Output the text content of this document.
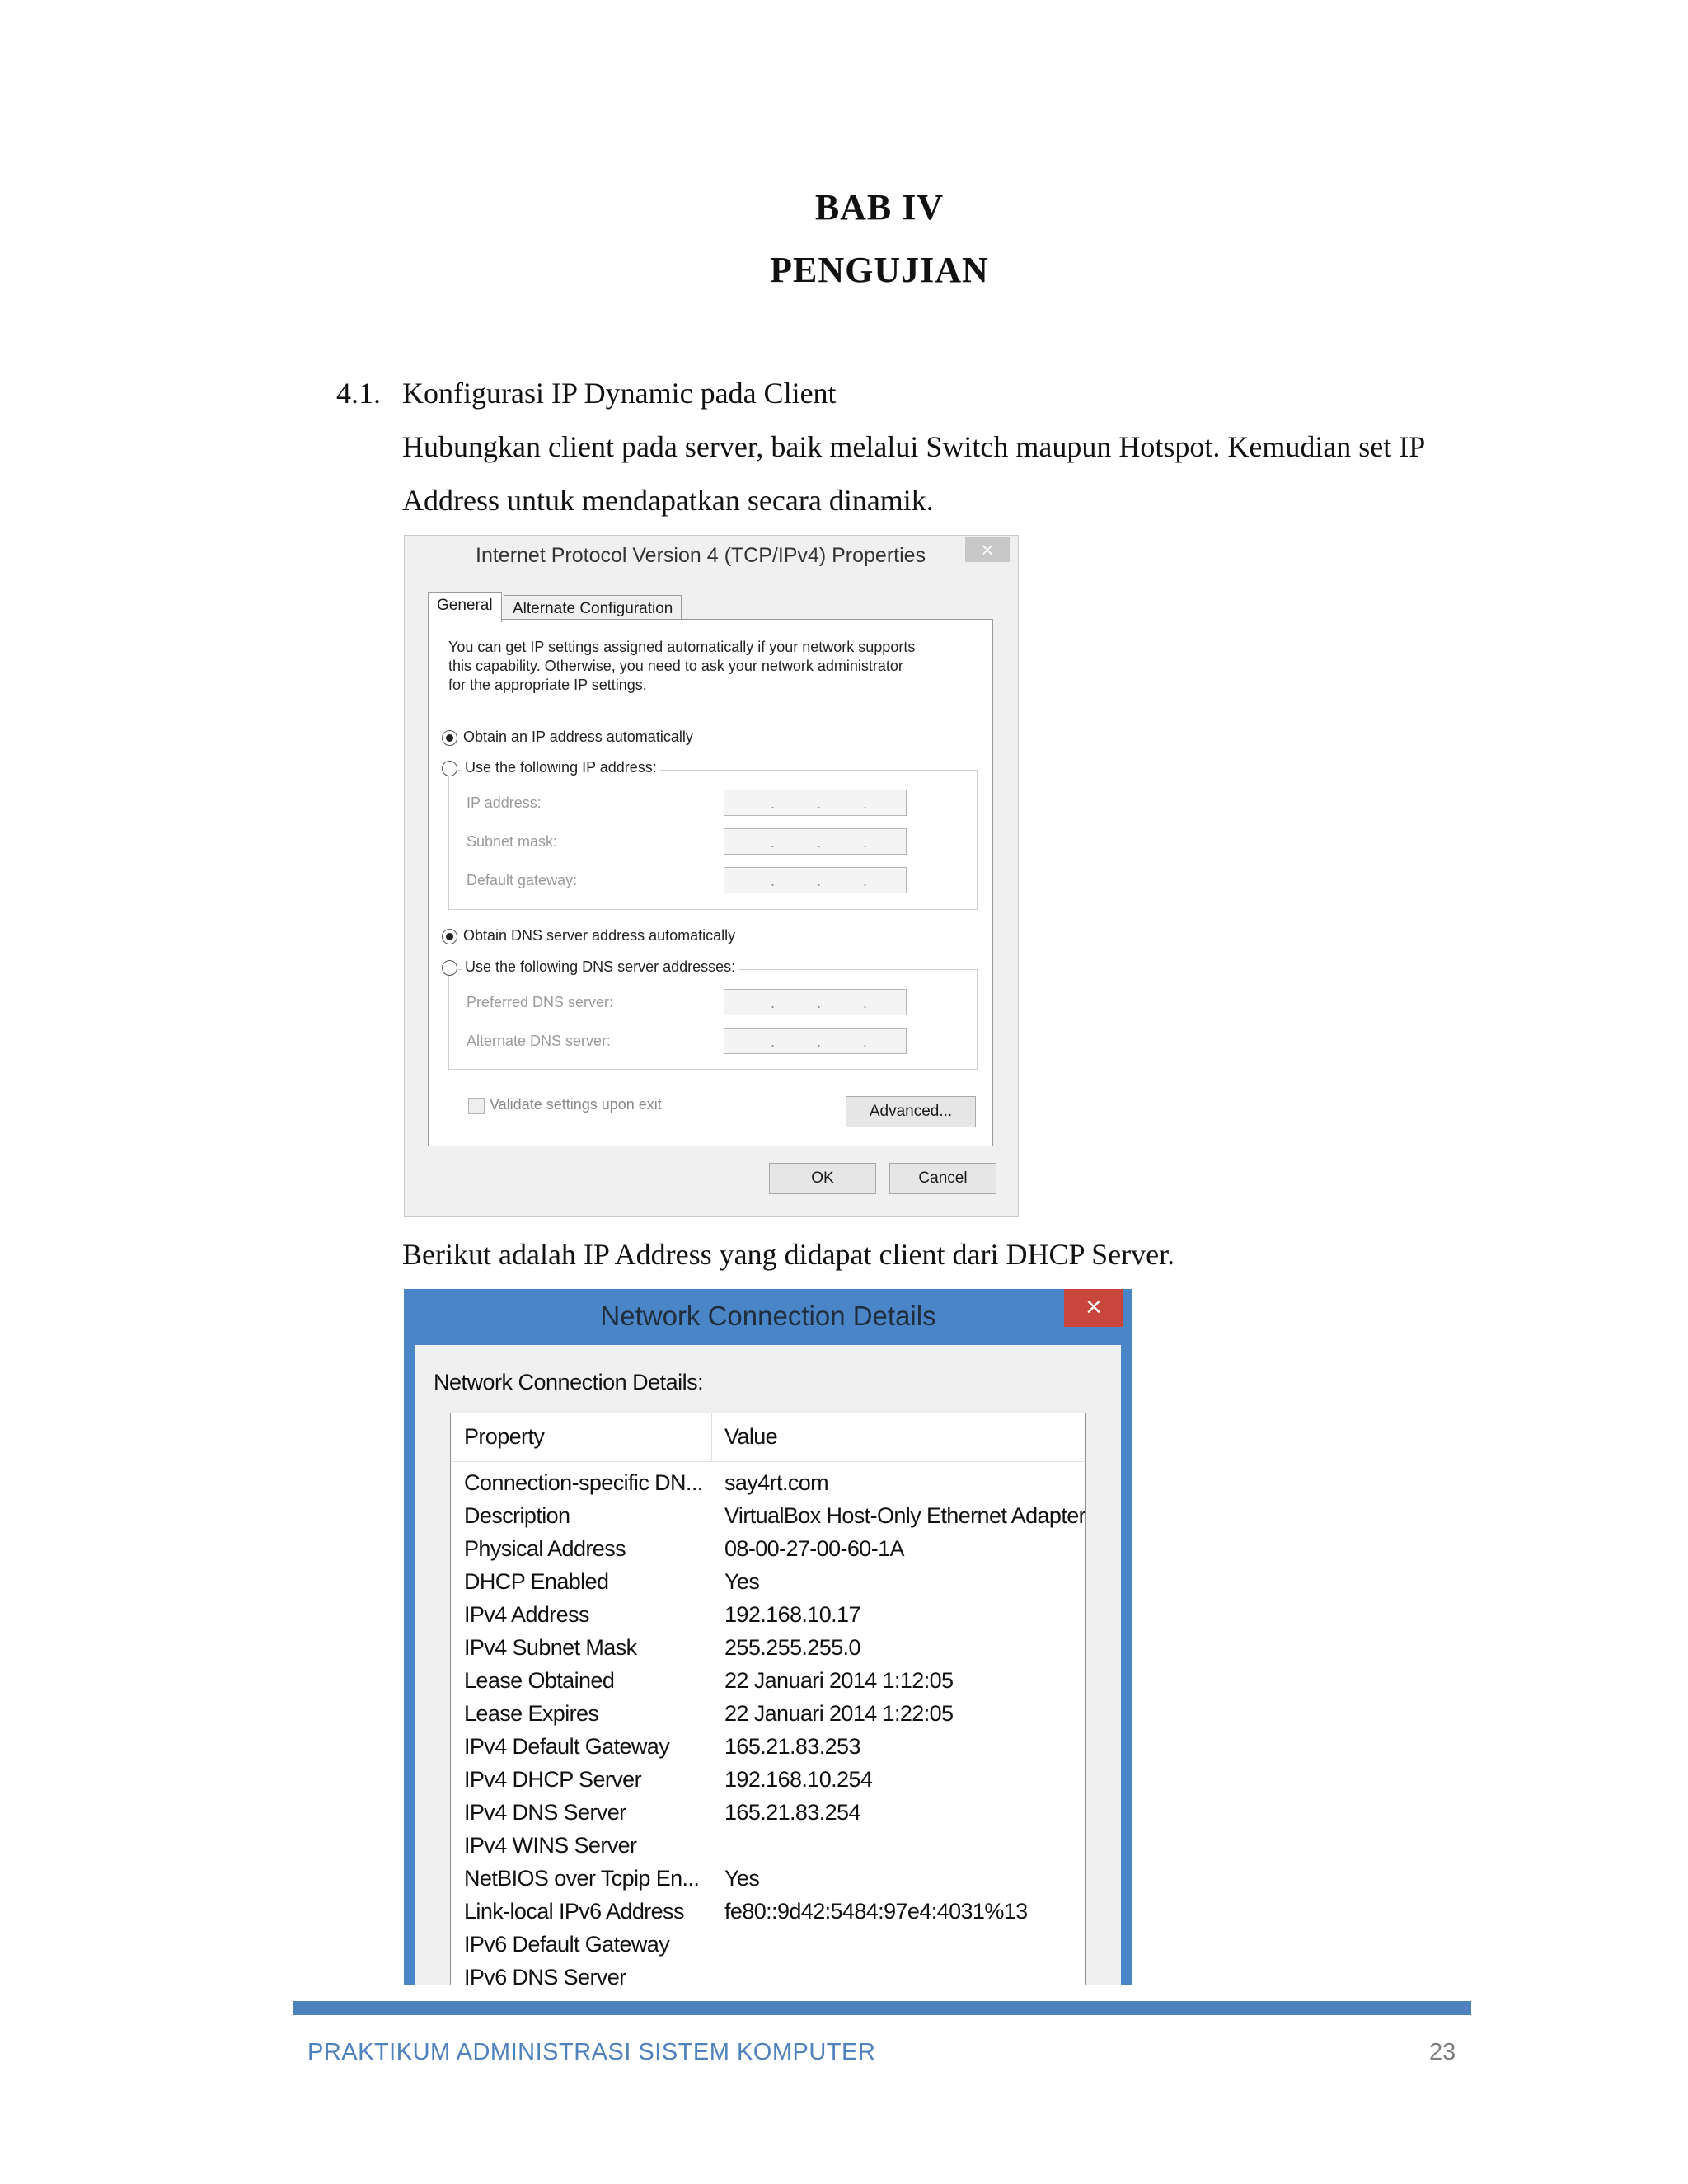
BAB IV
PENGUJIAN
4.1. Konfigurasi IP Dynamic pada Client
Hubungkan client pada server, baik melalui Switch maupun Hotspot. Kemudian set IP
Address untuk mendapatkan secara dinamik.
Internet Protocol Version 4 (TCP/IPv4) Properties	×
General	Alternate Configuration
You can get IP settings assigned automatically if your network supports
this capability. Otherwise, you need to ask your network administrator
for the appropriate IP settings.
Obtain an IP address automatically
Use the following IP address:
IP address:	.	.	.
Subnet mask:	.	.	.
Default gateway:	.	.	.
Obtain DNS server address automatically
Use the following DNS server addresses:
Preferred DNS server:	.	.	.
Alternate DNS server:	.	.	.
Validate settings upon exit	Advanced...
OK	Cancel
Berikut adalah IP Address yang didapat client dari DHCP Server.
Network Connection Details	×
Network Connection Details:
Property	Value
Connection-specific DN... say4rt.com
Description	VirtualBox Host-Only Ethernet Adapter
Physical Address	08-00-27-00-60-1A
DHCP Enabled	Yes
IPv4 Address	192.168.10.17
IPv4 Subnet Mask	255.255.255.0
Lease Obtained	22 Januari 2014 1:12:05
Lease Expires	22 Januari 2014 1:22:05
IPv4 Default Gateway 165.21.83.253
IPv4 DHCP Server	192.168.10.254
IPv4 DNS Server	165.21.83.254
IPv4 WINS Server
NetBIOS over Tcpip En... Yes
Link-local IPv6 Address fe80::9d42:5484:97e4:4031%13
IPv6 Default Gateway
IPv6 DNS Server
PRAKTIKUM ADMINISTRASI SISTEM KOMPUTER	23
